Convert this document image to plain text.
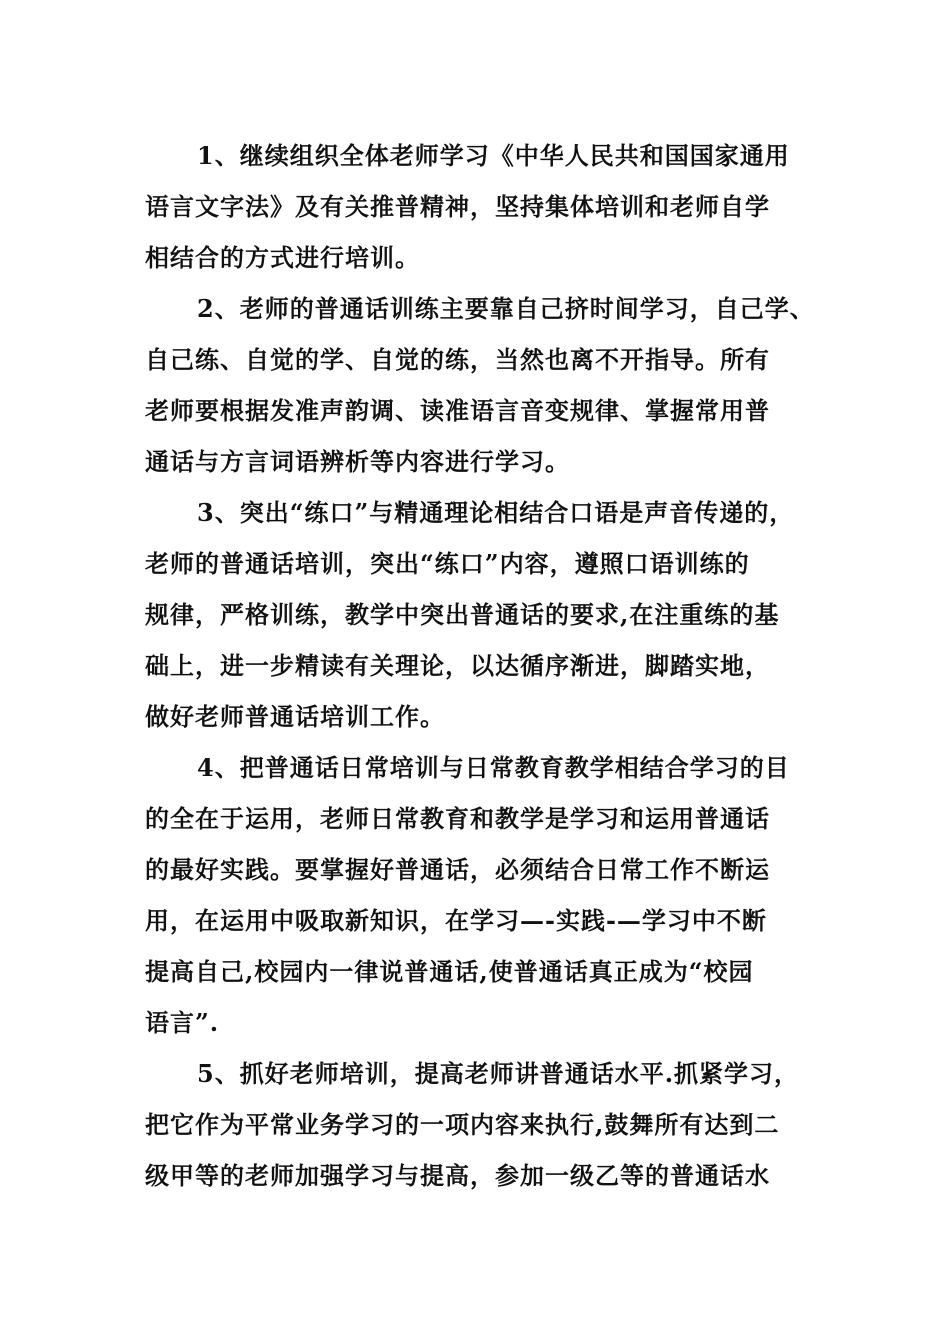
1、继续组织全体老师学习《中华人民共和国国家通用
语言文字法》及有关推普精神，坚持集体培训和老师自学
相结合的方式进行培训。
2、老师的普通话训练主要靠自己挤时间学习，自己学、
自己练、自觉的学、自觉的练，当然也离不开指导。所有
老师要根据发准声韵调、读准语言音变规律、掌握常用普
通话与方言词语辨析等内容进行学习。
3、突出“练口”与精通理论相结合口语是声音传递的，
老师的普通话培训，突出“练口”内容，遵照口语训练的
规律，严格训练，教学中突出普通话的要求,在注重练的基
础上，进一步精读有关理论，以达循序渐进，脚踏实地，
做好老师普通话培训工作。
4、把普通话日常培训与日常教育教学相结合学习的目
的全在于运用，老师日常教育和教学是学习和运用普通话
的最好实践。要掌握好普通话，必须结合日常工作不断运
用，在运用中吸取新知识，在学习—-实践-—学习中不断
提高自己,校园内一律说普通话,使普通话真正成为“校园
语言”.
5、抓好老师培训，提高老师讲普通话水平.抓紧学习，
把它作为平常业务学习的一项内容来执行,鼓舞所有达到二
级甲等的老师加强学习与提高，参加一级乙等的普通话水
